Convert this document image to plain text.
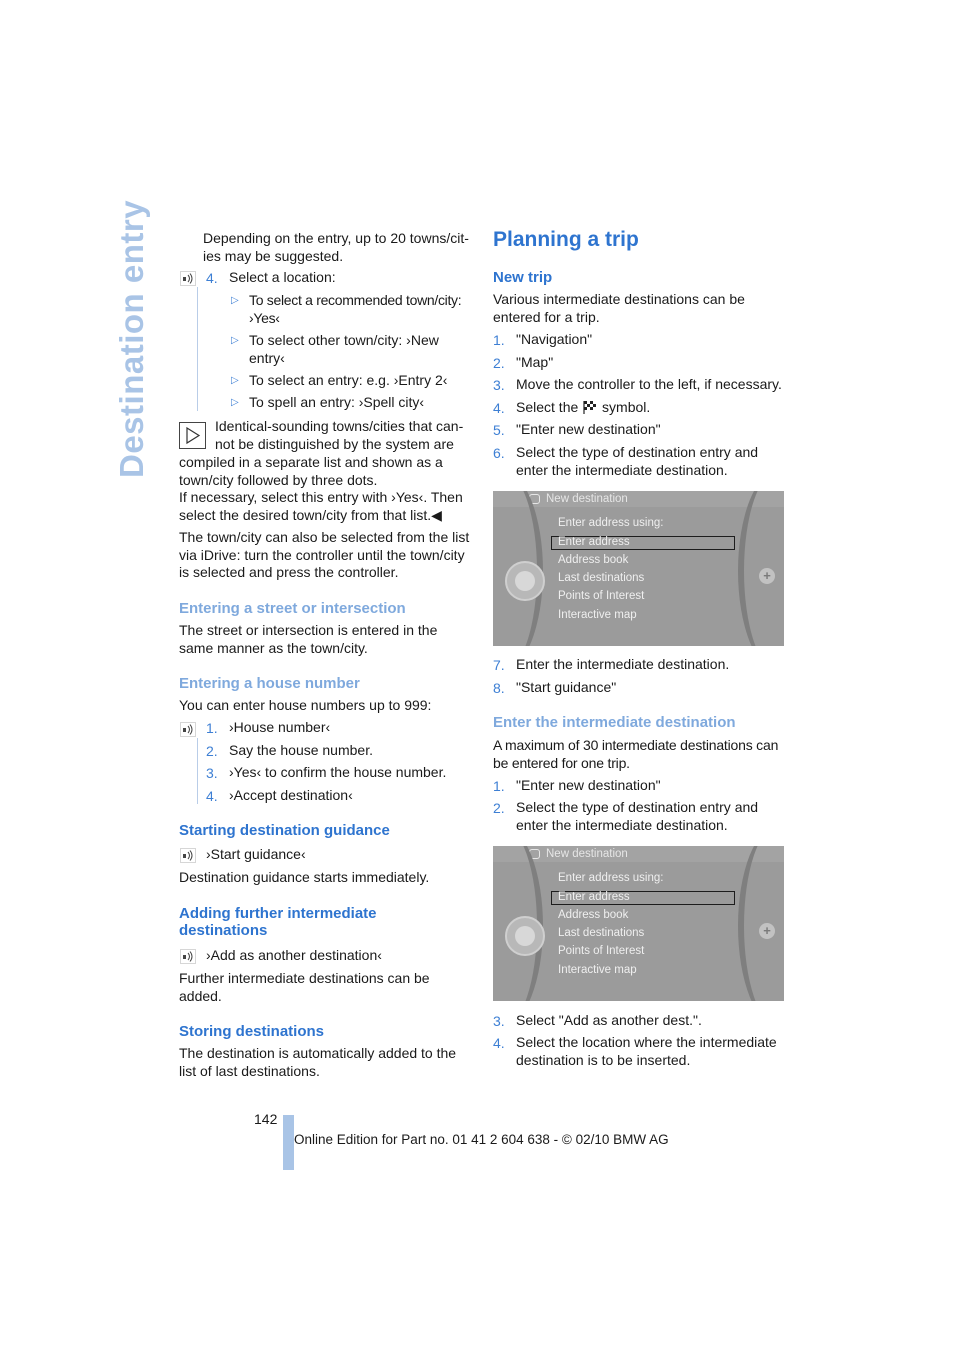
Destination entry	Depending on the entry, up to 20 towns/cit-ies may be suggested.
4. Select a location:
▷ To select a recommended town/city: ›Yes‹
▷ To select other town/city: ›New entry‹
▷ To select an entry: e.g. ›Entry 2‹
▷ To spell an entry: ›Spell city‹
Identical-sounding towns/cities that can-
not be distinguished by the system are
compiled in a separate list and shown as a town/city followed by three dots.
If necessary, select this entry with ›Yes‹. Then select the desired town/city from that list.◀
The town/city can also be selected from the list via iDrive: turn the controller until the town/city is selected and press the controller.
Entering a street or intersection
The street or intersection is entered in the same manner as the town/city.
Entering a house number
You can enter house numbers up to 999:
1. ›House number‹
2. Say the house number.
3. ›Yes‹ to confirm the house number.
4. ›Accept destination‹
Starting destination guidance
›Start guidance‹
Destination guidance starts immediately.
Adding further intermediate
destinations
›Add as another destination‹
Further intermediate destinations can be added.
Storing destinations
The destination is automatically added to the list of last destinations.
Planning a trip
New trip
Various intermediate destinations can be entered for a trip.
1. "Navigation"
2. "Map"
3. Move the controller to the left, if necessary.
4. Select the symbol.
5. "Enter new destination"
6. Select the type of destination entry and enter the intermediate destination.
New destination
+
Enter address using:
Enter address
Address book
Last destinations
Points of Interest
Interactive map
7. Enter the intermediate destination.
8. "Start guidance"
Enter the intermediate destination
A maximum of 30 intermediate destinations can be entered for one trip.
1. "Enter new destination"
2. Select the type of destination entry and enter the intermediate destination.
New destination
+
Enter address using:
Enter address
Address book
Last destinations
Points of Interest
Interactive map
3. Select "Add as another dest.".
4. Select the location where the intermediate destination is to be inserted.
142
Online Edition for Part no. 01 41 2 604 638 - © 02/10 BMW AG
